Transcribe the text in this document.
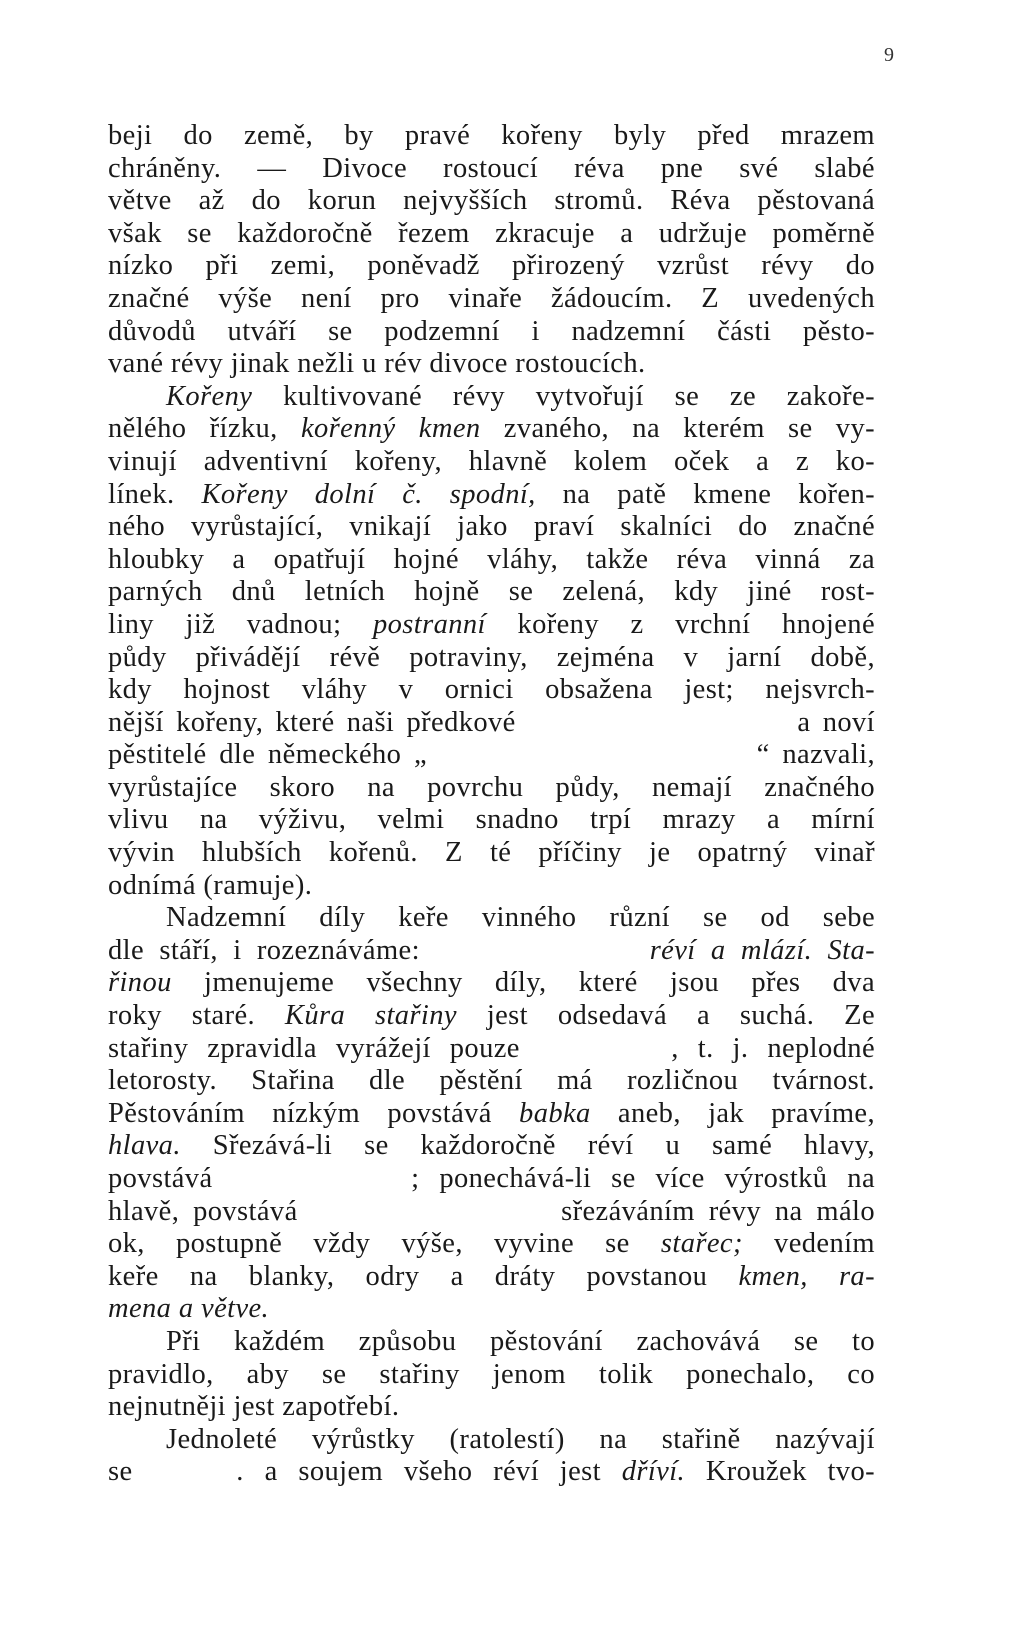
9
beji do země, by pravé kořeny byly před mrazem
chráněny. — Divoce rostoucí réva pne své slabé
větve až do korun nejvyšších stromů. Réva pěstovaná
však se každoročně řezem zkracuje a udržuje poměrně
nízko při zemi, poněvadž přirozený vzrůst révy do
značné výše není pro vinaře žádoucím. Z uvedených
důvodů utváří se podzemní i nadzemní části pěsto-
vané révy jinak nežli u rév divoce rostoucích.
Kořeny kultivované révy vytvořují se ze zakoře-
nělého řízku, kořenný kmen zvaného, na kterém se vy-
vinují adventivní kořeny, hlavně kolem oček a z ko-
línek. Kořeny dolní č. spodní, na patě kmene kořen-
ného vyrůstající, vnikají jako praví skalníci do značné
hloubky a opatřují hojné vláhy, takže réva vinná za
parných dnů letních hojně se zelená, kdy jiné rost-
liny již vadnou; postranní kořeny z vrchní hnojené
půdy přivádějí révě potraviny, zejména v jarní době,
kdy hojnost vláhy v ornici obsažena jest; nejsvrch-
nější kořeny, které naši předkové                       a noví
pěstitelé dle německého „                          “ nazvali,
vyrůstajíce skoro na povrchu půdy, nemají značného
vlivu na výživu, velmi snadno trpí mrazy a mírní
vývin hlubších kořenů. Z té příčiny je opatrný vinař
odnímá (ramuje).
Nadzemní díly keře vinného různí se od sebe
dle stáří, i rozeznáváme:               réví a mlází. Sta-
řinou jmenujeme všechny díly, které jsou přes dva
roky staré. Kůra stařiny jest odsedavá a suchá. Ze
stařiny zpravidla vyrážejí pouze        , t. j. neplodné
letorosty. Stařina dle pěstění má rozličnou tvárnost.
Pěstováním nízkým povstává babka aneb, jak pravíme,
hlava. Sřezává-li se každoročně réví u samé hlavy,
povstává          ; ponechává-li se více výrostků na
hlavě, povstává                   sřezáváním révy na málo
ok, postupně vždy výše, vyvine se stařec; vedením
keře na blanky, odry a dráty povstanou kmen, ra-
mena a větve.
Při každém způsobu pěstování zachovává se to
pravidlo, aby se stařiny jenom tolik ponechalo, co
nejnutněji jest zapotřebí.
Jednoleté výrůstky (ratolestí) na stařině nazývají
se     . a soujem všeho réví jest dříví. Kroužek tvo-
